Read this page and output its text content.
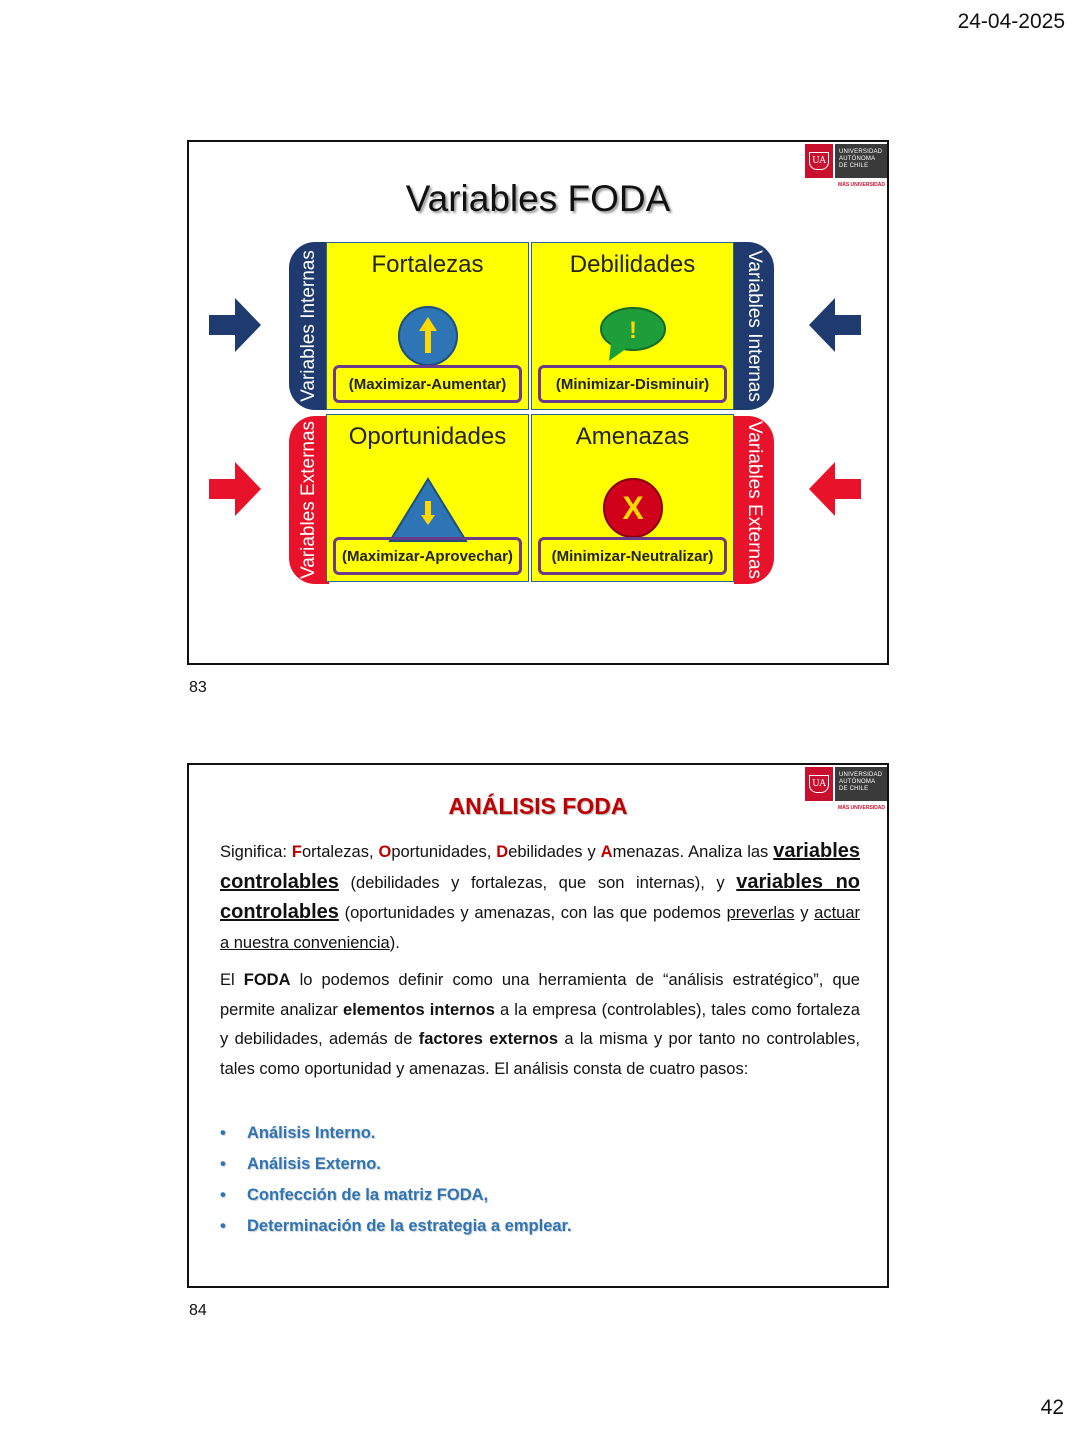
24-04-2025
UA
UNIVERSIDAD
AUTÓNOMA
DE CHILE
MÁS UNIVERSIDAD
Variables FODA
Variables Internas	Variables Internas
Variables Externas	Variables Externas
Fortalezas
(Maximizar-Aumentar)
Debilidades
!
(Minimizar-Disminuir)
Oportunidades
(Maximizar-Aprovechar)
Amenazas
X
(Minimizar-Neutralizar)
83
UA
UNIVERSIDAD
AUTÓNOMA
DE CHILE
MÁS UNIVERSIDAD
ANÁLISIS FODA
Significa: Fortalezas, Oportunidades, Debilidades y Amenazas. Analiza las variables controlables (debilidades y fortalezas, que son internas), y variables no controlables (oportunidades y amenazas, con las que podemos preverlas y actuar a nuestra conveniencia).
El FODA lo podemos definir como una herramienta de “análisis estratégico”, que permite analizar elementos internos a la empresa (controlables), tales como fortaleza y debilidades, además de factores externos a la misma y por tanto no controlables, tales como oportunidad y amenazas. El análisis consta de cuatro pasos:
• Análisis Interno.
• Análisis Externo.
• Confección de la matriz FODA,
• Determinación de la estrategia a emplear.
84
42
